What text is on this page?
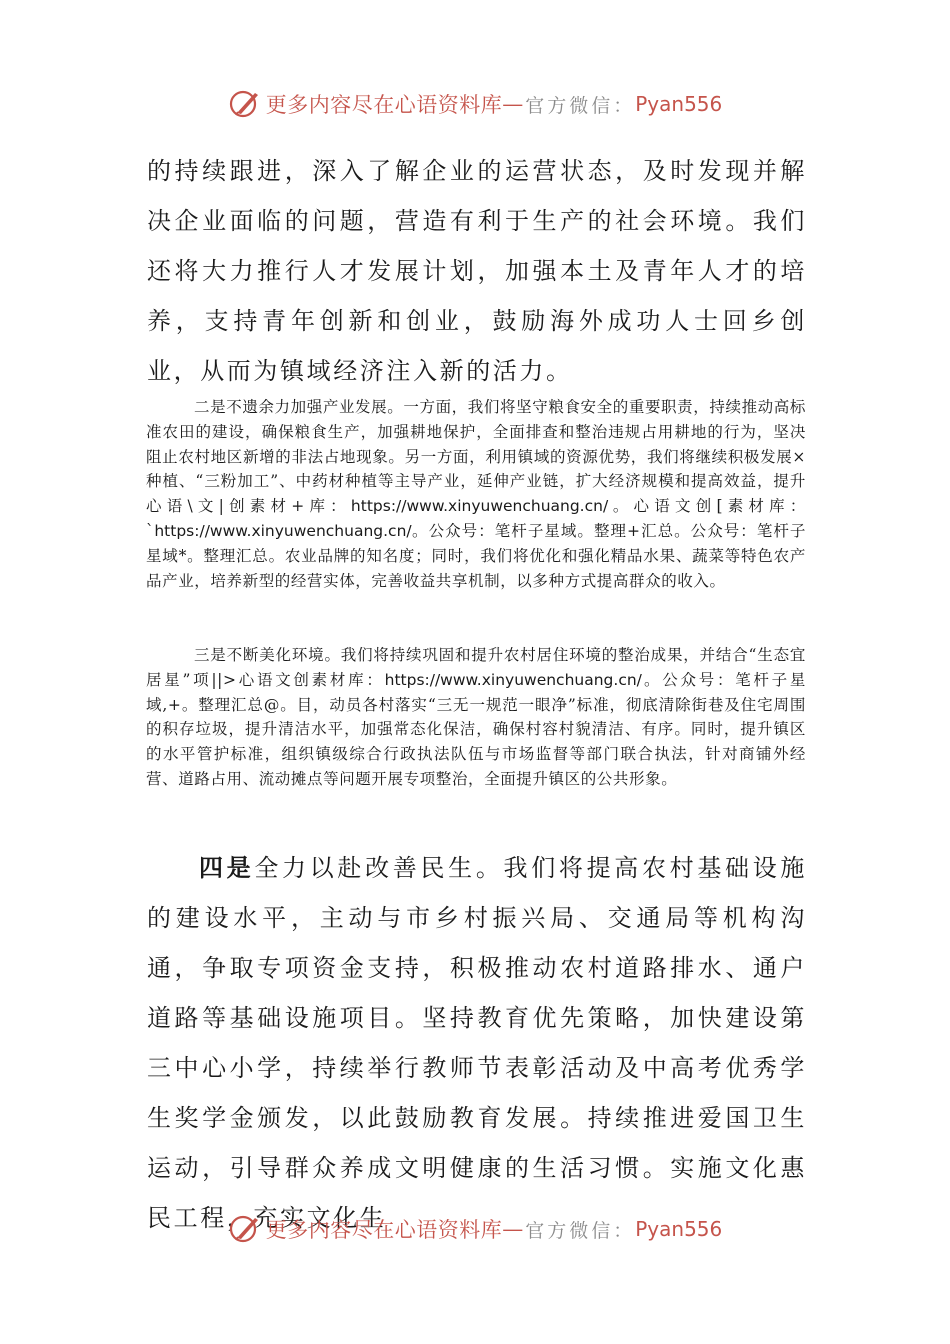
更多内容尽在心语资料库 — 官方微信： Pyan556

的持续跟进，深入了解企业的运营状态，及时发现并解决企业面临的问题，营造有利于生产的社会环境。我们还将大力推行人才发展计划，加强本土及青年人才的培养，支持青年创新和创业，鼓励海外成功人士回乡创业，从而为镇域经济注入新的活力。

二是不遗余力加强产业发展。一方面，我们将坚守粮食安全的重要职责，持续推动高标准农田的建设，确保粮食生产，加强耕地保护，全面排查和整治违规占用耕地的行为，坚决阻止农村地区新增的非法占地现象。另一方面，利用镇域的资源优势，我们将继续积极发展×种植、“三粉加工”、中药材种植等主导产业，延伸产业链，扩大经济规模和提高效益，提升心语\文|创素材+库：https://www.xinyuwenchuang.cn/。心语文创[素材库：`https://www.xinyuwenchuang.cn/。公众号：笔杆子星域。整理+汇总。公众号：笔杆子星域*。整理汇总。农业品牌的知名度；同时，我们将优化和强化精品水果、蔬菜等特色农产品产业，培养新型的经营实体，完善收益共享机制，以多种方式提高群众的收入。

三是不断美化环境。我们将持续巩固和提升农村居住环境的整治成果，并结合“生态宜居星”项||>心语文创素材库：https://www.xinyuwenchuang.cn/。公众号：笔杆子星域,+。整理汇总@。目，动员各村落实“三无一规范一眼净”标准，彻底清除街巷及住宅周围的积存垃圾，提升清洁水平，加强常态化保洁，确保村容村貌清洁、有序。同时，提升镇区的水平管护标准，组织镇级综合行政执法队伍与市场监督等部门联合执法，针对商铺外经营、道路占用、流动摊点等问题开展专项整治，全面提升镇区的公共形象。

四是全力以赴改善民生。我们将提高农村基础设施的建设水平，主动与市乡村振兴局、交通局等机构沟通，争取专项资金支持，积极推动农村道路排水、通户道路等基础设施项目。坚持教育优先策略，加快建设第三中心小学，持续举行教师节表彰活动及中高考优秀学生奖学金颁发，以此鼓励教育发展。持续推进爱国卫生运动，引导群众养成文明健康的生活习惯。实施文化惠民工程，充实文化生

更多内容尽在心语资料库 — 官方微信： Pyan556
